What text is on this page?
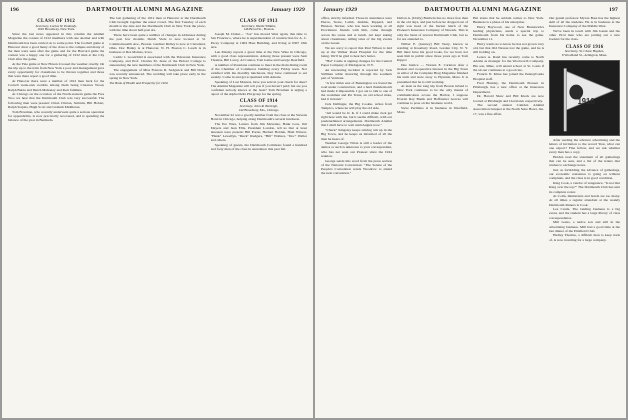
196	DARTMOUTH ALUMNI MAGAZINE	January 1929
CLASS OF 1912
Secretary, Lucius W. Peabody,
1910 Broadway, New York.

Since the last news appeared in this column the Alumni Magazine the contest of 1912 members with one another and with Dartmouth has been carried on to some point. The football game at Hanover drew a good many of the class to the campus and many of the men were seen after the game and for the Harvard game the contest was a happy one for a gathering of 1912 men at the City Club after the game.

At the Yale game at New Haven it tossed the weather cruelly. On the trip up to the train from New York a poor and management gave every opportunity for classmates to be thrown together and those that were there report a good time.

At Hanover there were a number of 1912 men back for the Cornell week-end, notable among them being Clarence Wood, Ralph Burns and Dutch Mahoney and their families.

At Chicago on the occasion of the North-western game the Free Woo we hear that the Dartmouth Club was very successful. The following men were present: Orion Clinton, Saltrum, Bill Hobart, Ralph Staples, Hugh Scott and Graham Middleton.

Tom Bowman, who recently underwent quite a serious operation for appendicitis, is now practically recovered, and is spending the balance of the year in Bermuda.

The last gathering of the 1912 men at Hanover at the Dartmouth Club brought together the usual crowd. The first Tuesday of each month is the date and the Dartmouth Club in New York the place, with the time about half-past six.

There have been quite a number of changes in addresses during the past few months. Dutch Viele is now located at 51 Commonwealth Ave., Boston. Gardner Ridley is now at Cleveland, Ohio. Doc Bailey is at Hanover, N. H. Boston C. Leach is in business at Des Moines, Iowa.

Cedric J. Goodchild is associated with the Tidewater Insurance Company, and Prof. Charles M. Jesse of the Hobart College is announcing the new members of the Dartmouth Club in New York.

The engagement of Miss Frances R. Sedgwick and Bill Davis was recently announced. The wedding will take place early in the spring in New York.

The Book of Health and Prosperity for 1929.
CLASS OF 1913
Secretary, Warde Wilkins,
146 Broad St., Boston.

Joseph M. Dohar— "Joe" has moved West again, this time to San Francisco, where he is superintendent of construction for A. C. Pacey Company at 1904 Hass Building, and living at 6307 16th Ave.

Len Maslay reports a great time at the New Wine in Chicago, with a good class representation. Among those present were Sam Thomas, Bill Lacey, Al Connor, Tom Gaine and George Deerfield.

A number of Rotarians continue to meet in the main dining room of the Chamber of Commerce building every Friday noon. Not satisfied with the monthly luncheons, they have continued to eat weekly. Come in and get acquainted with Amerie.

Speaking of Lost Masters, have you sent in your check for dues? The Alumni Magazine will tell you if you haven't paid; but are you confident nobody knows at the least? Tom Bowman is urging a report of the Alpha Delta Phi group for the spring.

CLASS OF 1914
Secretary, John R. Burleigh,
142 Broadway, Mo., Chicago.

November 22 was a goodly number from the class at the Stevens Hotel in Chicago, helping along Dartmouth's several luncheon.

The Pre Wars, Letters from Jim Maveties, Hank Gow, Jim Meyers and Jean Ellis, President London, tell us that at least nineteen were present: Bill Porter, Herbert Holden, Ham Witwer, "Hank" Lewellyn, "Duck" Rudgers, "Bill" Wallace, "Doc" Waller and others.

Speaking of guests, the Dartmouth Commons found a hundred and forty men of the class in attendance this past fall.

January 1929	DARTMOUTH ALUMNI MAGAZINE	197

office, strictly informal. Those in attendance were Pierce, Stone, Lamb, Jenkins, Peppard, and Hanson. Sticker, who has been working at all Providence friends with him, came through across his scene and at lunch. Art kept asking about classmates, telling tales of the big events on the Green.

We are sorry to report that Paul Wilson is laid up at the Walker Road Hospital for the time being. We'll be glad to hear he's better.

"Hal" Castle is signing changes for the Central Paper Company of Madagascar, N.Y.

An interesting incident is reported by Jack Stillman while motoring through the southern part of Vermont.

"A few miles east of Bennington we found the road under construction, and a hard thunderstorm had made it impassable. I got out to talk to one of the workmen and Pat Traus, an old school mate, had it in hand."

Jack Dellinger, the Big Cookie, writes from Tampico, where he will play the old side.

"All would be O. K. if I could make Jack get right here with me, but it seems difficult, with our predetermined arrangements. Dartmouth Alumni that I shall have to wait until August now."

"Chuck" Kingsley keeps stirring 'em up in the Big Town, and he keeps us informed of all the men he hears of.

Weather George Tilton is still a leader of the demos or such is unknown to your correspondent, who has not seen our Pioneer since the 1924 reunion.

George sends this word from the press section of the National Convention: "The Senate of the People's Convention wants Woodrow to attend the next convention."

Dalton A. (Dolly) Baldwin has no more fear than in the old days, and just before he dropped out of sight was head of the bucket lunch of the Pioneer's Insurance Company of Newark. This is only the latest of several Dartmouth Club, but so far not attended to.

Wilber E. (Gurney) Bill Teary, known as residing at Rosebury Road, Garden City, N. Y. Bill must have his good looks, for we have not seen him in public since those years ago at Tom Kipps!

Dee Justice — Warren E. Carleton after a modest and cooperative interest in the Big Town as editor of the Complete Brag Magazine finished his term and stole away to Hyannis, Mass. It is presumed that he is still working.

At least as the long trip from Boston inland to New York continues to be the only means of communication across the Harbor, I suppose Everett Ray Baulk and Hoffstetter Graves will continue to pose on the business world.

Steve Perillano is in business in Westfield, Mass.

Hal states that he seldom comes to New York. Business is a phase of his enterprise.

Harry Haywood, one of New Brunswick's leading physicians, sends a special trip to Dartmouth from his home to see the game. November 11.

Harry wants us to know he has not grown very old, but that Old Nassau lost the game, and he is still holding on.

Lenox A. Rand has recently come to North Adams as manager for the Woolworth Company. His son, Mike, will attend school at St. Louis if the sit-out continues at a good rate.

Francis N. Kline has joined the Pennsylvania Hospital staff.

Fred Huntley, the Dartmouth Pioneer in Pittsburgh, has a new office at the Insurance Department.

Dr. Harold Shaw and Bill Kleck are now located at Pittsburgh and Cleveland, respectively.

The second annual Camden Alumni Association banquet at the North State Hotel, Jan. 17, was a fine affair.

Our genial professor Myron Bass has the highest skill of all the students. He is in business at the Insurance Company of the Middle West.

We've been in touch with Jim Gaunt and the other 1914 men who are putting out a new booklet for the class.

CLASS OF 1916
Secretary, W. Chase Hayden,
9 Woodland St., Arlington, Mass.
1916

After reading the advance advertising and the letters of invitation to the record Year, what can one expect? Fine fellow, and we ask whether every man has a copy.

Holden read the statement of all gatherings that can be sent, and a list of the letters that wishes to exchange notes.

Just as forbidding the advance of gatherings, our economic resistance is going on without complaint, and the class is in good condition.

King Cook, a vendor of vengeance. "Is not that King over the top?" The Dartmouth Club has sent its complete roster.

At Colin, ministrants and bonds are too many. At all times a regular attendant at the weekly Dartmouth dinners is Cook.

Lee Castle. The landing business is a big event, and the student has a large library of class correspondence.

Mill Gates, a native son and still in the advertising business. Mill had a good time at the last dinner of the Pittsfield Club.

Hadley Thomas, a difficult man to keep track of, is now traveling for a large company.
